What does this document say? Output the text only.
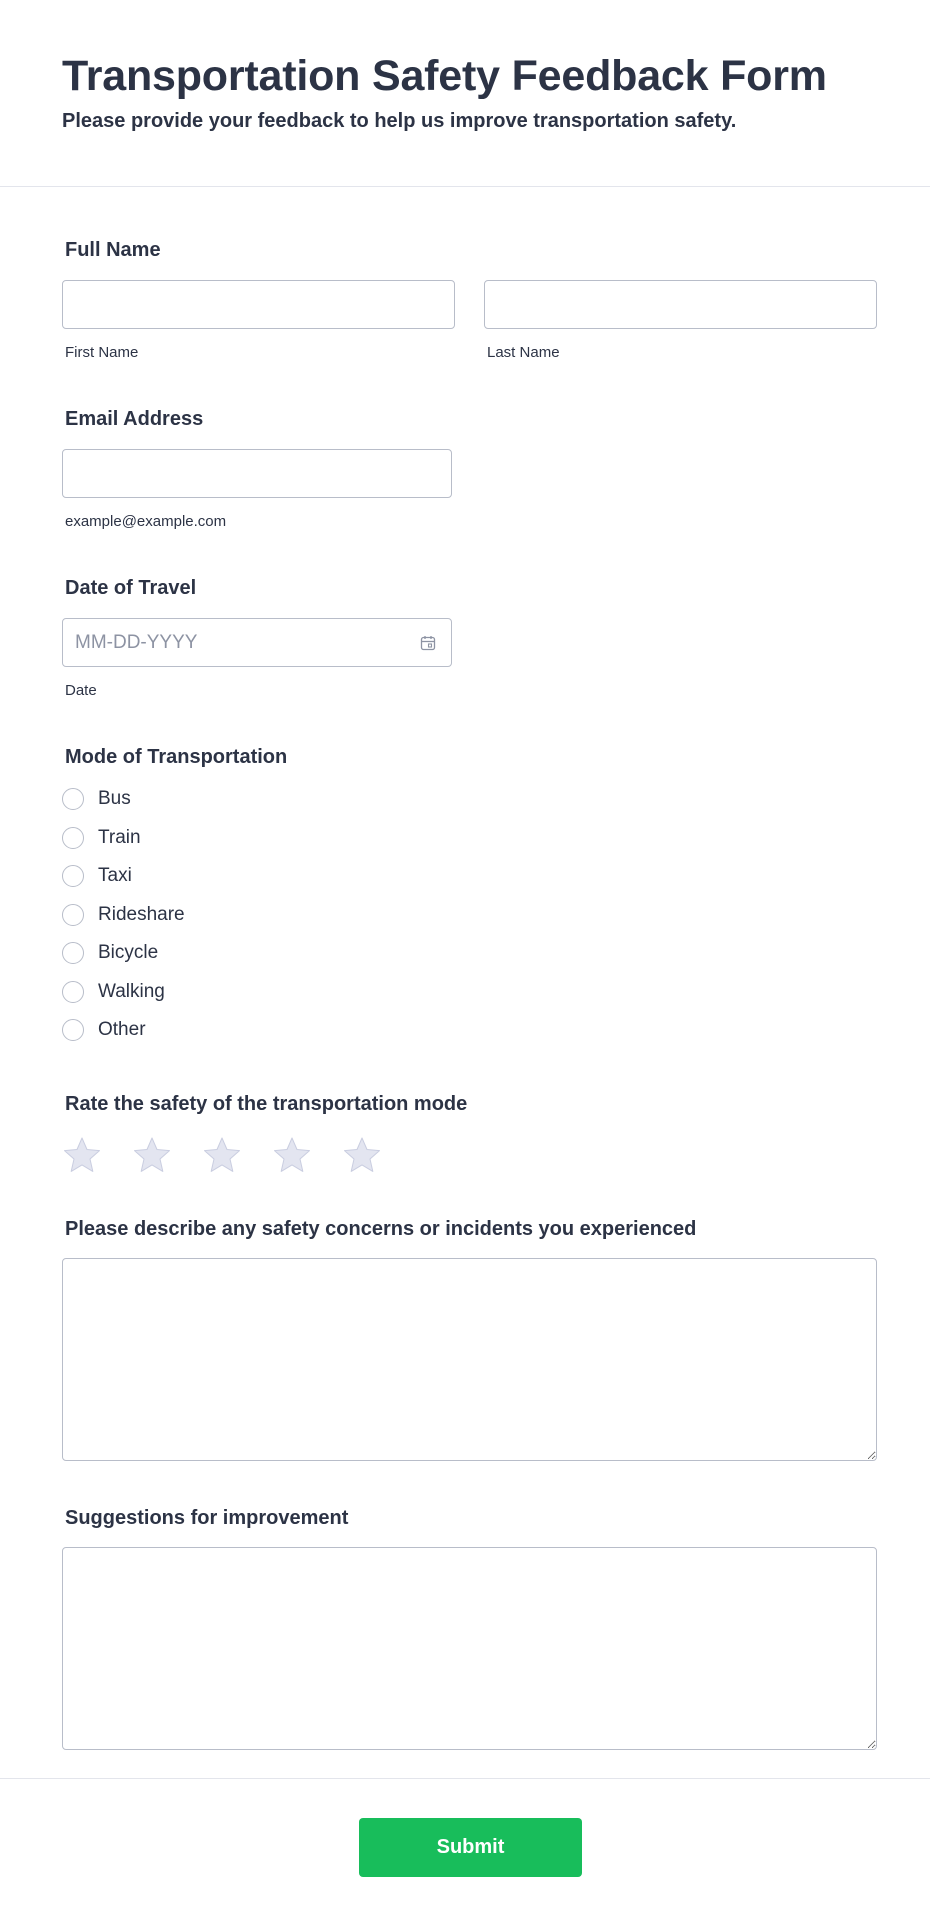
Transportation Safety Feedback Form

Please provide your feedback to help us improve transportation safety.

Full Name

First Name	Last Name

Email Address

example@example.com

Date of Travel

MM-DD-YYYY
Date

Mode of Transportation

Bus
Train
Taxi
Rideshare
Bicycle
Walking
Other

Rate the safety of the transportation mode

Please describe any safety concerns or incidents you experienced

Suggestions for improvement

Submit
